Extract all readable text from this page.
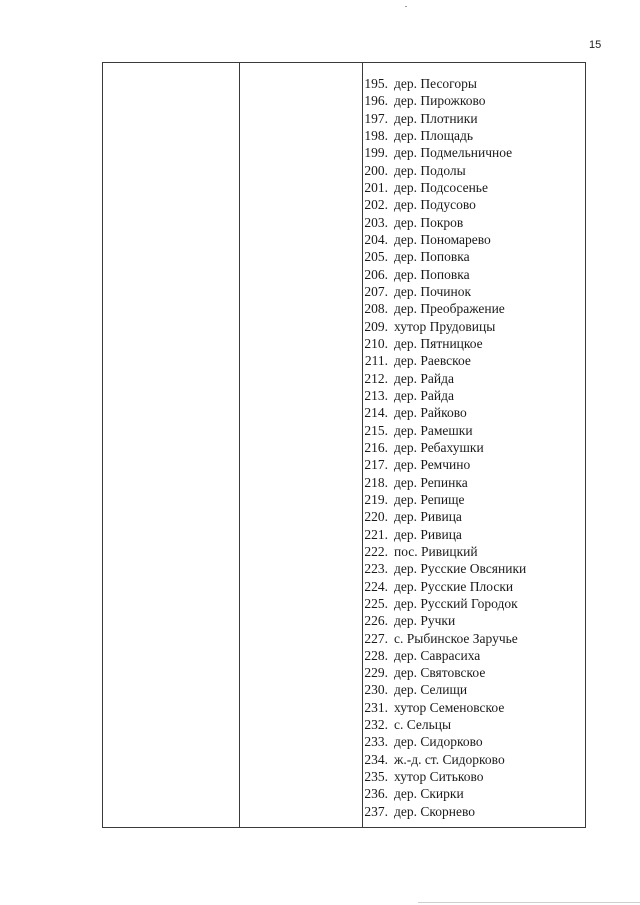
15
195. дер. Песогоры
196. дер. Пирожково
197. дер. Плотники
198. дер. Площадь
199. дер. Подмельничное
200. дер. Подолы
201. дер. Подсосенье
202. дер. Подусово
203. дер. Покров
204. дер. Пономарево
205. дер. Поповка
206. дер. Поповка
207. дер. Починок
208. дер. Преображение
209. хутор Прудовицы
210. дер. Пятницкое
211. дер. Раевское
212. дер. Райда
213. дер. Райда
214. дер. Райково
215. дер. Рамешки
216. дер. Ребахушки
217. дер. Ремчино
218. дер. Репинка
219. дер. Репище
220. дер. Ривица
221. дер. Ривица
222. пос. Ривицкий
223. дер. Русские Овсяники
224. дер. Русские Плоски
225. дер. Русский Городок
226. дер. Ручки
227. с. Рыбинское Заручье
228. дер. Саврасиха
229. дер. Святовское
230. дер. Селищи
231. хутор Семеновское
232. с. Сельцы
233. дер. Сидорково
234. ж.-д. ст. Сидорково
235. хутор Ситьково
236. дер. Скирки
237. дер. Скорнево
